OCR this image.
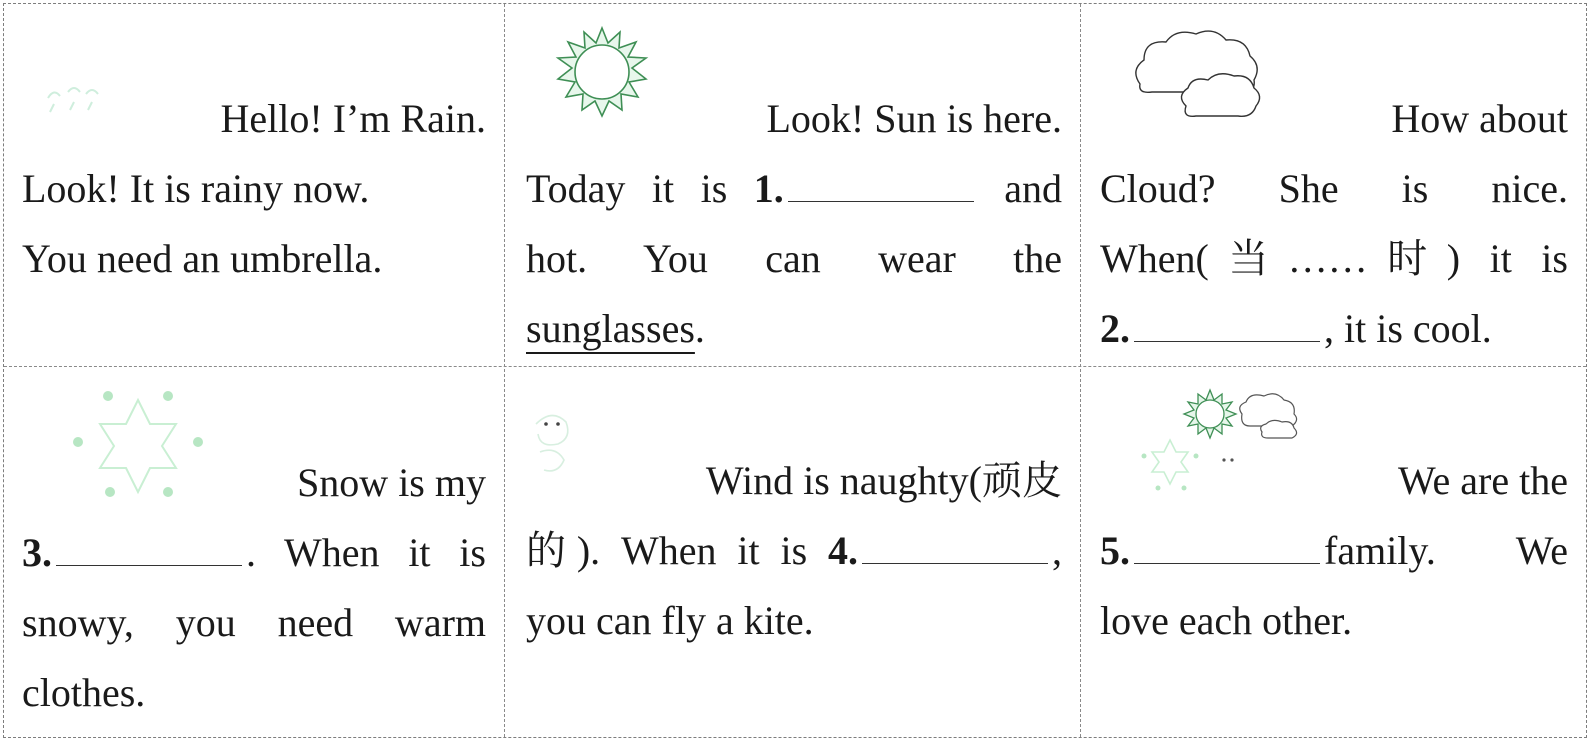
Hello! I’m Rain.
Look! It is rainy now.
You need an umbrella.
Look! Sun is here.
Today it is 1.	and
hot. You can wear the
sunglasses.
How about
Cloud? She is nice.
When(当……时) it is
2.	, it is cool.
Snow is my
3.	. When it is
snowy, you need warm
clothes.
Wind is naughty(顽皮
的). When it is 4.	,
you can fly a kite.
We are the
5.	family. We
love each other.
